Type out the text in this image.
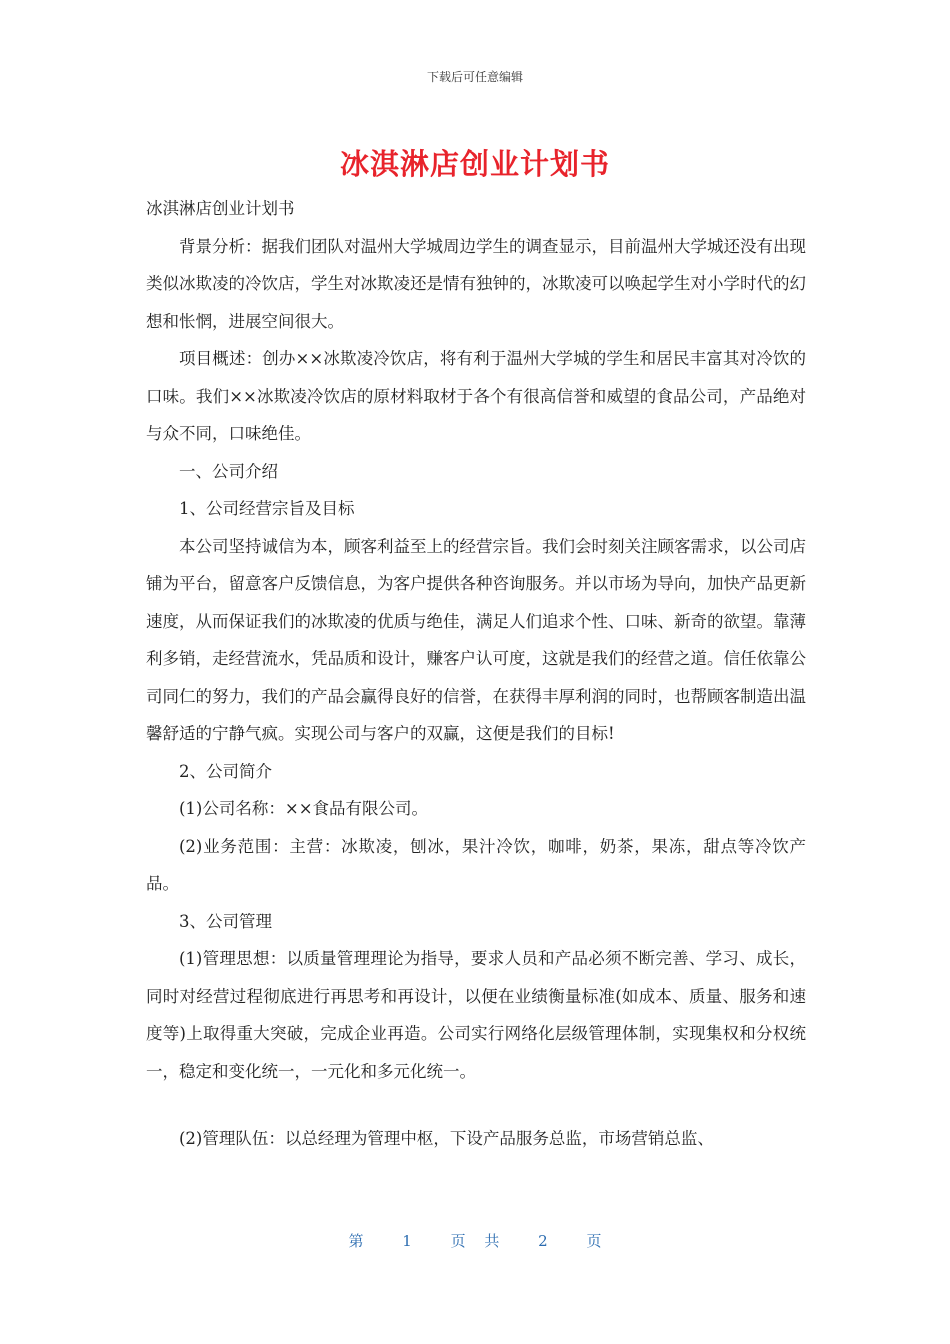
下载后可任意编辑
冰淇淋店创业计划书

冰淇淋店创业计划书

背景分析：据我们团队对温州大学城周边学生的调查显示，目前温州大学城还没有出现类似冰欺凌的冷饮店，学生对冰欺凌还是情有独钟的，冰欺凌可以唤起学生对小学时代的幻想和怅惘，进展空间很大。

项目概述：创办××冰欺凌冷饮店，将有利于温州大学城的学生和居民丰富其对冷饮的口味。我们××冰欺凌冷饮店的原材料取材于各个有很高信誉和威望的食品公司，产品绝对与众不同，口味绝佳。

一、公司介绍

1、公司经营宗旨及目标

本公司坚持诚信为本，顾客利益至上的经营宗旨。我们会时刻关注顾客需求，以公司店铺为平台，留意客户反馈信息，为客户提供各种咨询服务。并以市场为导向，加快产品更新速度，从而保证我们的冰欺凌的优质与绝佳，满足人们追求个性、口味、新奇的欲望。靠薄利多销，走经营流水，凭品质和设计，赚客户认可度，这就是我们的经营之道。信任依靠公司同仁的努力，我们的产品会赢得良好的信誉，在获得丰厚利润的同时，也帮顾客制造出温馨舒适的宁静气疯。实现公司与客户的双赢，这便是我们的目标!

2、公司简介

(1)公司名称：××食品有限公司。

(2)业务范围：主营：冰欺凌，刨冰，果汁冷饮，咖啡，奶茶，果冻，甜点等冷饮产品。

3、公司管理

(1)管理思想：以质量管理理论为指导，要求人员和产品必须不断完善、学习、成长，同时对经营过程彻底进行再思考和再设计，以便在业绩衡量标准(如成本、质量、服务和速度等)上取得重大突破，完成企业再造。公司实行网络化层级管理体制，实现集权和分权统一，稳定和变化统一，一元化和多元化统一。

(2)管理队伍：以总经理为管理中枢，下设产品服务总监，市场营销总监、

第	1	页 共	2	页
